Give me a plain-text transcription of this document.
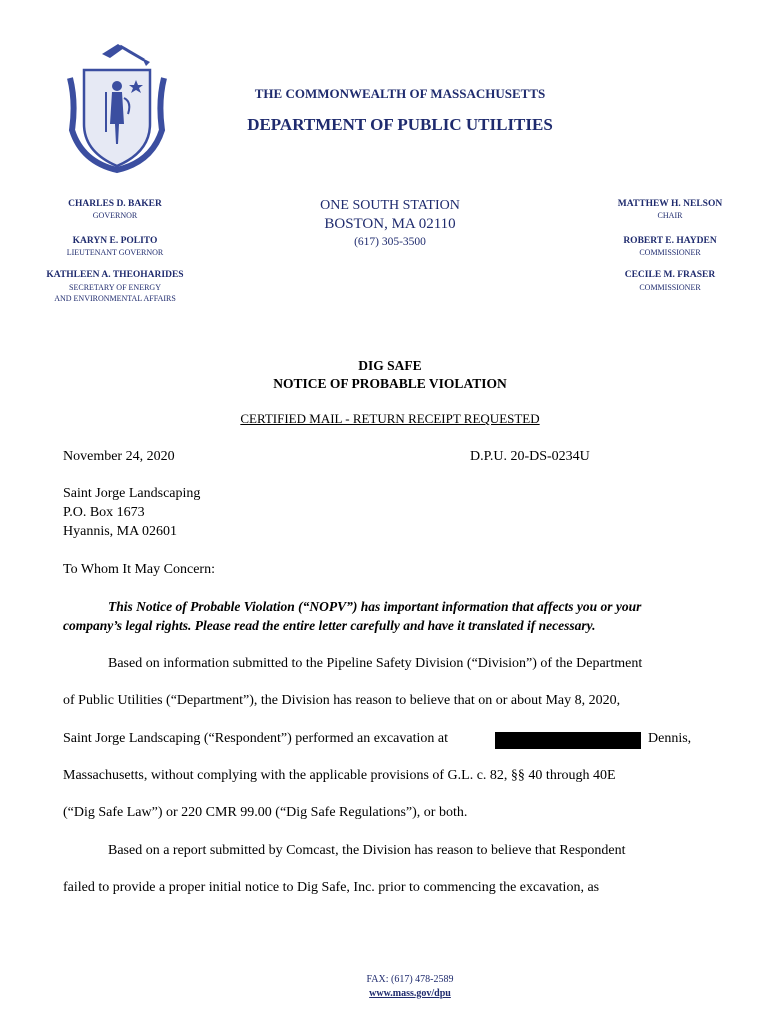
THE COMMONWEALTH OF MASSACHUSETTS
DEPARTMENT OF PUBLIC UTILITIES
CHARLES D. BAKER
GOVERNOR
KARYN E. POLITO
LIEUTENANT GOVERNOR
KATHLEEN A. THEOHARIDES
SECRETARY OF ENERGY
AND ENVIRONMENTAL AFFAIRS
ONE SOUTH STATION
BOSTON, MA 02110
(617) 305-3500
MATTHEW H. NELSON
CHAIR
ROBERT E. HAYDEN
COMMISSIONER
CECILE M. FRASER
COMMISSIONER
DIG SAFE
NOTICE OF PROBABLE VIOLATION
CERTIFIED MAIL - RETURN RECEIPT REQUESTED
November 24, 2020	D.P.U. 20-DS-0234U
Saint Jorge Landscaping
P.O. Box 1673
Hyannis, MA 02601
To Whom It May Concern:
This Notice of Probable Violation (“NOPV”) has important information that affects you or your
company’s legal rights. Please read the entire letter carefully and have it translated if necessary.
Based on information submitted to the Pipeline Safety Division (“Division”) of the Department
of Public Utilities (“Department”), the Division has reason to believe that on or about May 8, 2020,
Saint Jorge Landscaping (“Respondent”) performed an excavation at	Dennis,
Massachusetts, without complying with the applicable provisions of G.L. c. 82, §§ 40 through 40E
(“Dig Safe Law”) or 220 CMR 99.00 (“Dig Safe Regulations”), or both.
Based on a report submitted by Comcast, the Division has reason to believe that Respondent
failed to provide a proper initial notice to Dig Safe, Inc. prior to commencing the excavation, as
FAX: (617) 478-2589
www.mass.gov/dpu
